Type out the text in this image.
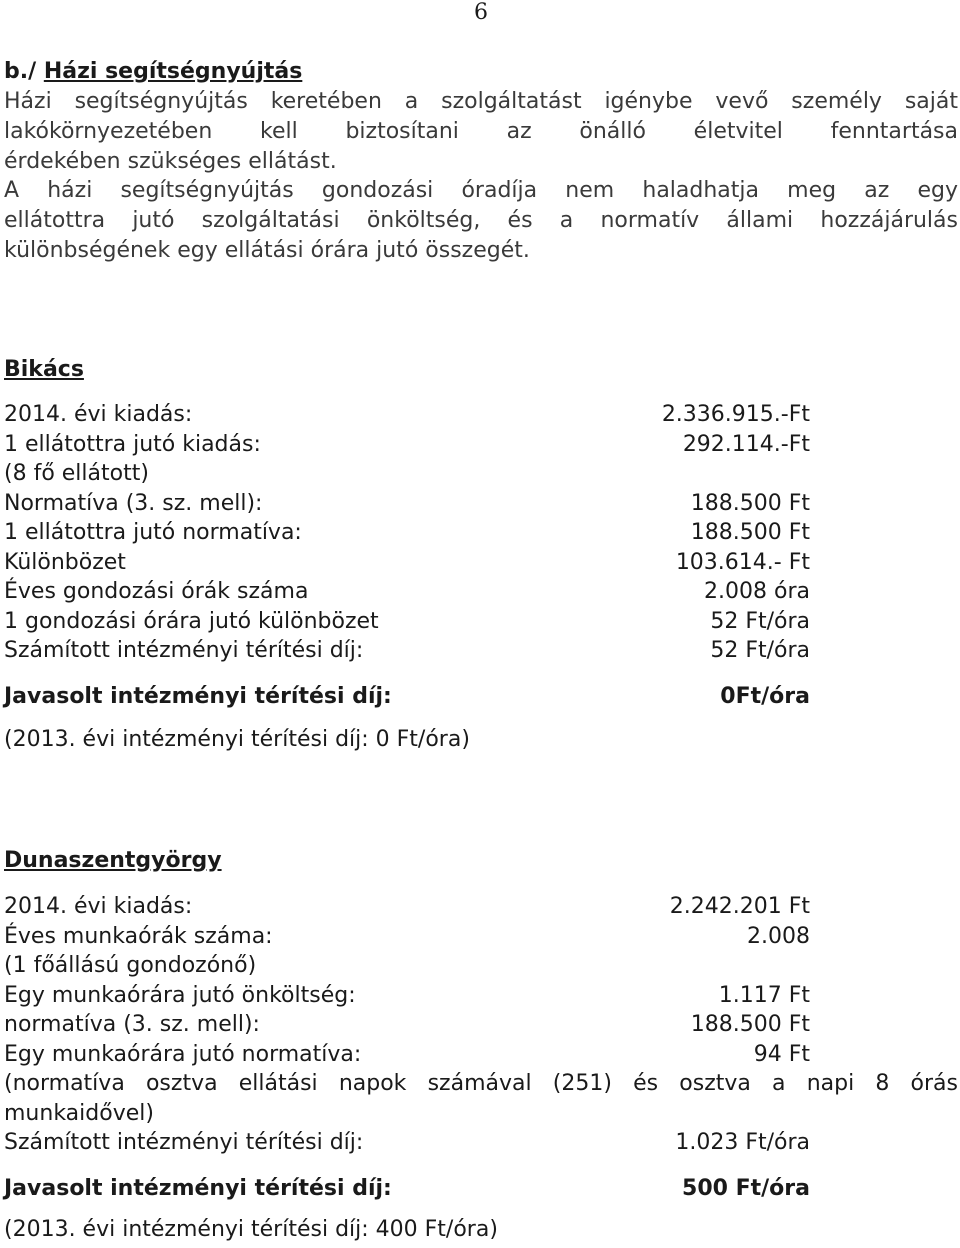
6
b./ Házi segítségnyújtás
Házi segítségnyújtás keretében a szolgáltatást igénybe vevő személy saját
lakókörnyezetében kell biztosítani az önálló életvitel fenntartása
érdekében szükséges ellátást.
A házi segítségnyújtás gondozási óradíja nem haladhatja meg az egy
ellátottra jutó szolgáltatási önköltség, és a normatív állami hozzájárulás
különbségének egy ellátási órára jutó összegét.
Bikács
2014. évi kiadás:	2.336.915.-Ft
1 ellátottra jutó kiadás:	292.114.-Ft
(8 fő ellátott)
Normatíva (3. sz. mell):	188.500 Ft
1 ellátottra jutó normatíva:	188.500 Ft
Különbözet	103.614.- Ft
Éves gondozási órák száma	2.008 óra
1 gondozási órára jutó különbözet	52 Ft/óra
Számított intézményi térítési díj:	52 Ft/óra
Javasolt intézményi térítési díj:	0Ft/óra
(2013. évi intézményi térítési díj: 0 Ft/óra)
Dunaszentgyörgy
2014. évi kiadás:	2.242.201 Ft
Éves munkaórák száma:	2.008
(1 főállású gondozónő)
Egy munkaórára jutó önköltség:	1.117 Ft
normatíva (3. sz. mell):	188.500 Ft
Egy munkaórára jutó normatíva:	94 Ft
(normatíva osztva ellátási napok számával (251) és osztva a napi 8 órás
munkaidővel)
Számított intézményi térítési díj:	1.023 Ft/óra
Javasolt intézményi térítési díj:	500 Ft/óra
(2013. évi intézményi térítési díj: 400 Ft/óra)
